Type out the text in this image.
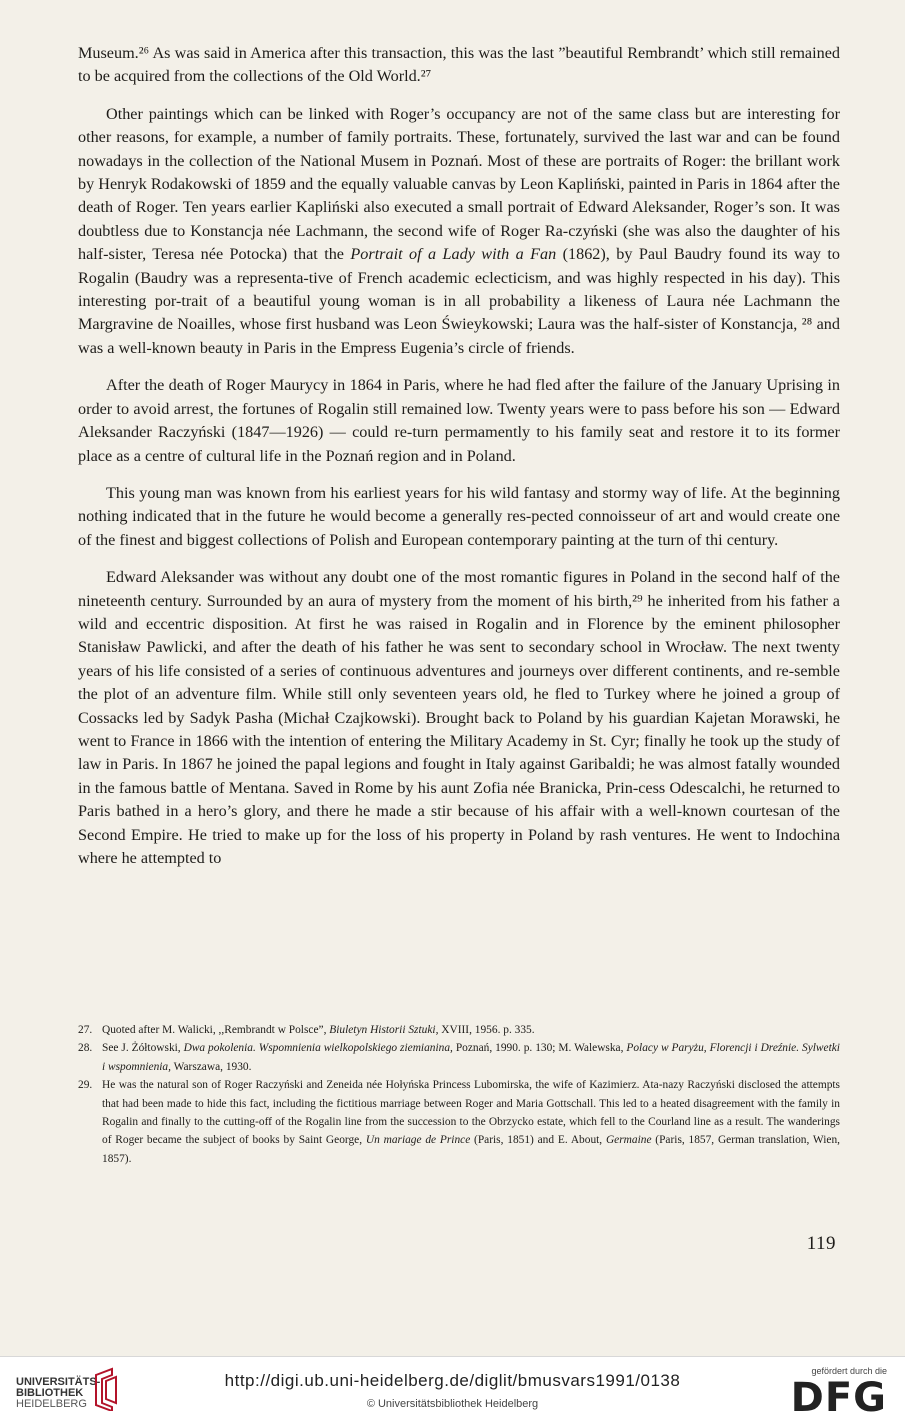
Museum.²⁶ As was said in America after this transaction, this was the last ”beautiful Rembrandt’ which still remained to be acquired from the collections of the Old World.²⁷

Other paintings which can be linked with Roger’s occupancy are not of the same class but are interesting for other reasons, for example, a number of family portraits. These, fortunately, survived the last war and can be found nowadays in the collection of the National Musem in Poznań. Most of these are portraits of Roger: the brillant work by Henryk Rodakowski of 1859 and the equally valuable canvas by Leon Kapliński, painted in Paris in 1864 after the death of Roger. Ten years earlier Kapliński also executed a small portrait of Edward Aleksander, Roger’s son. It was doubtless due to Konstancja née Lachmann, the second wife of Roger Ra-czyński (she was also the daughter of his half-sister, Teresa née Potocka) that the Portrait of a Lady with a Fan (1862), by Paul Baudry found its way to Rogalin (Baudry was a representa-tive of French academic eclecticism, and was highly respected in his day). This interesting por-trait of a beautiful young woman is in all probability a likeness of Laura née Lachmann the Margravine de Noailles, whose first husband was Leon Świeykowski; Laura was the half-sister of Konstancja, ²⁸ and was a well-known beauty in Paris in the Empress Eugenia’s circle of friends.

After the death of Roger Maurycy in 1864 in Paris, where he had fled after the failure of the January Uprising in order to avoid arrest, the fortunes of Rogalin still remained low. Twenty years were to pass before his son — Edward Aleksander Raczyński (1847—1926) — could re-turn permamently to his family seat and restore it to its former place as a centre of cultural life in the Poznań region and in Poland.

This young man was known from his earliest years for his wild fantasy and stormy way of life. At the beginning nothing indicated that in the future he would become a generally res-pected connoisseur of art and would create one of the finest and biggest collections of Polish and European contemporary painting at the turn of thi century.

Edward Aleksander was without any doubt one of the most romantic figures in Poland in the second half of the nineteenth century. Surrounded by an aura of mystery from the moment of his birth,²⁹ he inherited from his father a wild and eccentric disposition. At first he was raised in Rogalin and in Florence by the eminent philosopher Stanisław Pawlicki, and after the death of his father he was sent to secondary school in Wrocław. The next twenty years of his life consisted of a series of continuous adventures and journeys over different continents, and re-semble the plot of an adventure film. While still only seventeen years old, he fled to Turkey where he joined a group of Cossacks led by Sadyk Pasha (Michał Czajkowski). Brought back to Poland by his guardian Kajetan Morawski, he went to France in 1866 with the intention of entering the Military Academy in St. Cyr; finally he took up the study of law in Paris. In 1867 he joined the papal legions and fought in Italy against Garibaldi; he was almost fatally wounded in the famous battle of Mentana. Saved in Rome by his aunt Zofia née Branicka, Prin-cess Odescalchi, he returned to Paris bathed in a hero’s glory, and there he made a stir because of his affair with a well-known courtesan of the Second Empire. He tried to make up for the loss of his property in Poland by rash ventures. He went to Indochina where he attempted to

27. Quoted after M. Walicki, ,,Rembrandt w Polsce”, Biuletyn Historii Sztuki, XVIII, 1956. p. 335.
28. See J. Żółtowski, Dwa pokolenia. Wspomnienia wielkopolskiego ziemianina, Poznań, 1990. p. 130; M. Walewska, Polacy w Paryżu, Florencji i Dreźnie. Sylwetki i wspomnienia, Warszawa, 1930.
29. He was the natural son of Roger Raczyński and Zeneida née Hołyńska Princess Lubomirska, the wife of Kazimierz. Ata-nazy Raczyński disclosed the attempts that had been made to hide this fact, including the fictitious marriage between Roger and Maria Gottschall. This led to a heated disagreement with the family in Rogalin and finally to the cutting-off of the Rogalin line from the succession to the Obrzycko estate, which fell to the Courland line as a result. The wanderings of Roger became the subject of books by Saint George, Un mariage de Prince (Paris, 1851) and E. About, Germaine (Paris, 1857, German translation, Wien, 1857).
119
UNIVERSITÄTS-
BIBLIOTHEK
HEIDELBERG
http://digi.ub.uni-heidelberg.de/diglit/bmusvars1991/0138
© Universitätsbibliothek Heidelberg
gefördert durch die
DFG
